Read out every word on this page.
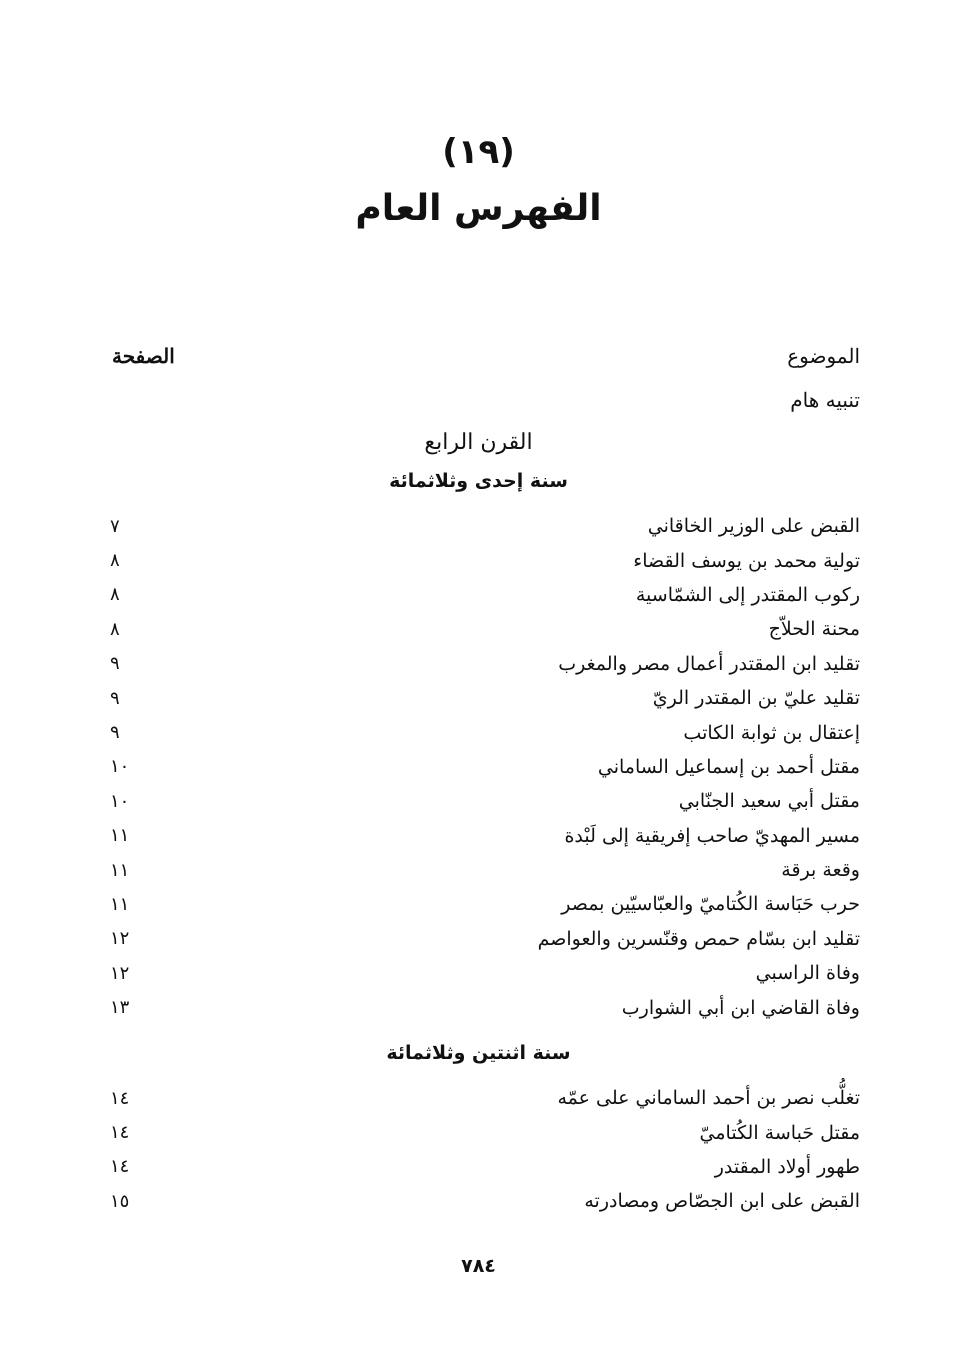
(١٩)
الفهرس العام
الموضوع
الصفحة
تنبيه هام
القرن الرابع
سنة إحدى وثلاثمائة
القبض على الوزير الخاقاني
٧
تولية محمد بن يوسف القضاء
٨
ركوب المقتدر إلى الشمّاسية
٨
محنة الحلاّج
٨
تقليد ابن المقتدر أعمال مصر والمغرب
٩
تقليد عليّ بن المقتدر الريّ
٩
إعتقال بن ثوابة الكاتب
٩
مقتل أحمد بن إسماعيل الساماني
١٠
مقتل أبي سعيد الجنّابي
١٠
مسير المهديّ صاحب إفريقية إلى لَبْدة
١١
وقعة برقة
١١
حرب حَبَاسة الكُتاميّ والعبّاسيّين بمصر
١١
تقليد ابن بسّام حمص وقنّسرين والعواصم
١٢
وفاة الراسبي
١٢
وفاة القاضي ابن أبي الشوارب
١٣
سنة اثنتين وثلاثمائة
تغلُّب نصر بن أحمد الساماني على عمّه
١٤
مقتل حَباسة الكُتاميّ
١٤
طهور أولاد المقتدر
١٤
القبض على ابن الجصّاص ومصادرته
١٥
٧٨٤
